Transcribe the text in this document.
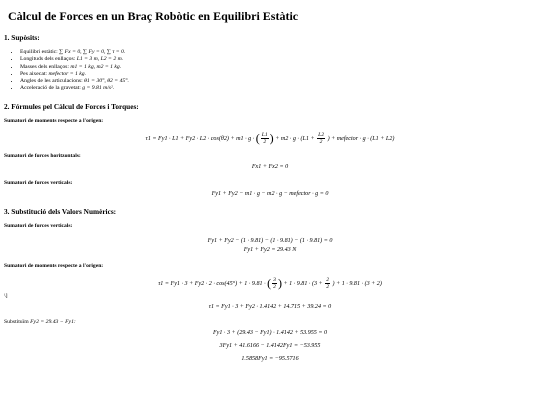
Càlcul de Forces en un Braç Robòtic en Equilibri Estàtic
1. Supòsits:
• Equilibri estàtic: ∑ Fx = 0, ∑ Fy = 0, ∑ τ = 0.
• Longituds dels enllaços: L1 = 3 m, L2 = 2 m.
• Masses dels enllaços: m1 = 1 kg, m2 = 1 kg.
• Pes aixecat: mefector = 1 kg.
• Angles de les articulacions: θ1 = 30°, θ2 = 45°.
• Acceleració de la gravetat: g = 9.81 m/s².
2. Fórmules pel Càlcul de Forces i Torques:
Sumatori de moments respecte a l'origen:
τ1 = Fy1 · L1 + Fy2 · L2 · cos(θ2) + m1 · g · ( $\frac{L1}{2}$ ) + $m2 \cdot g \cdot (L1 + \frac{L2}{2}$ ) + mefector · g · (L1 + L2)
Sumatori de forces horitzontals:
Fx1 + Fx2 = 0
Sumatori de forces verticals:
Fy1 + Fy2 − m1 · g − m2 · g − mefector · g = 0
3. Substitució dels Valors Numèrics:
Sumatori de forces verticals:
Fy1 + Fy2 − (1 · 9.81) − (1 · 9.81) − (1 · 9.81) = 0
Fy1 + Fy2 = 29.43 N
Sumatori de moments respecte a l'origen:
τ1 = Fy1 · 3 + Fy2 · 2 · cos(45°) + 1 · 9.81 · ( $\frac{3}{2}$ ) + $1 \cdot 9.81 \cdot (3 + \frac{2}{2}$ ) + 1 · 9.81 · (3 + 2)
\]
τ1 = Fy1 · 3 + Fy2 · 1.4142 + 14.715 + 39.24 = 0
Substituïm Fy2 = 29.43 − Fy1:
Fy1 · 3 + (29.43 − Fy1) · 1.4142 + 53.955 = 0
3Fy1 + 41.6166 − 1.4142Fy1 = −53.955
1.5858Fy1 = −95.5716
